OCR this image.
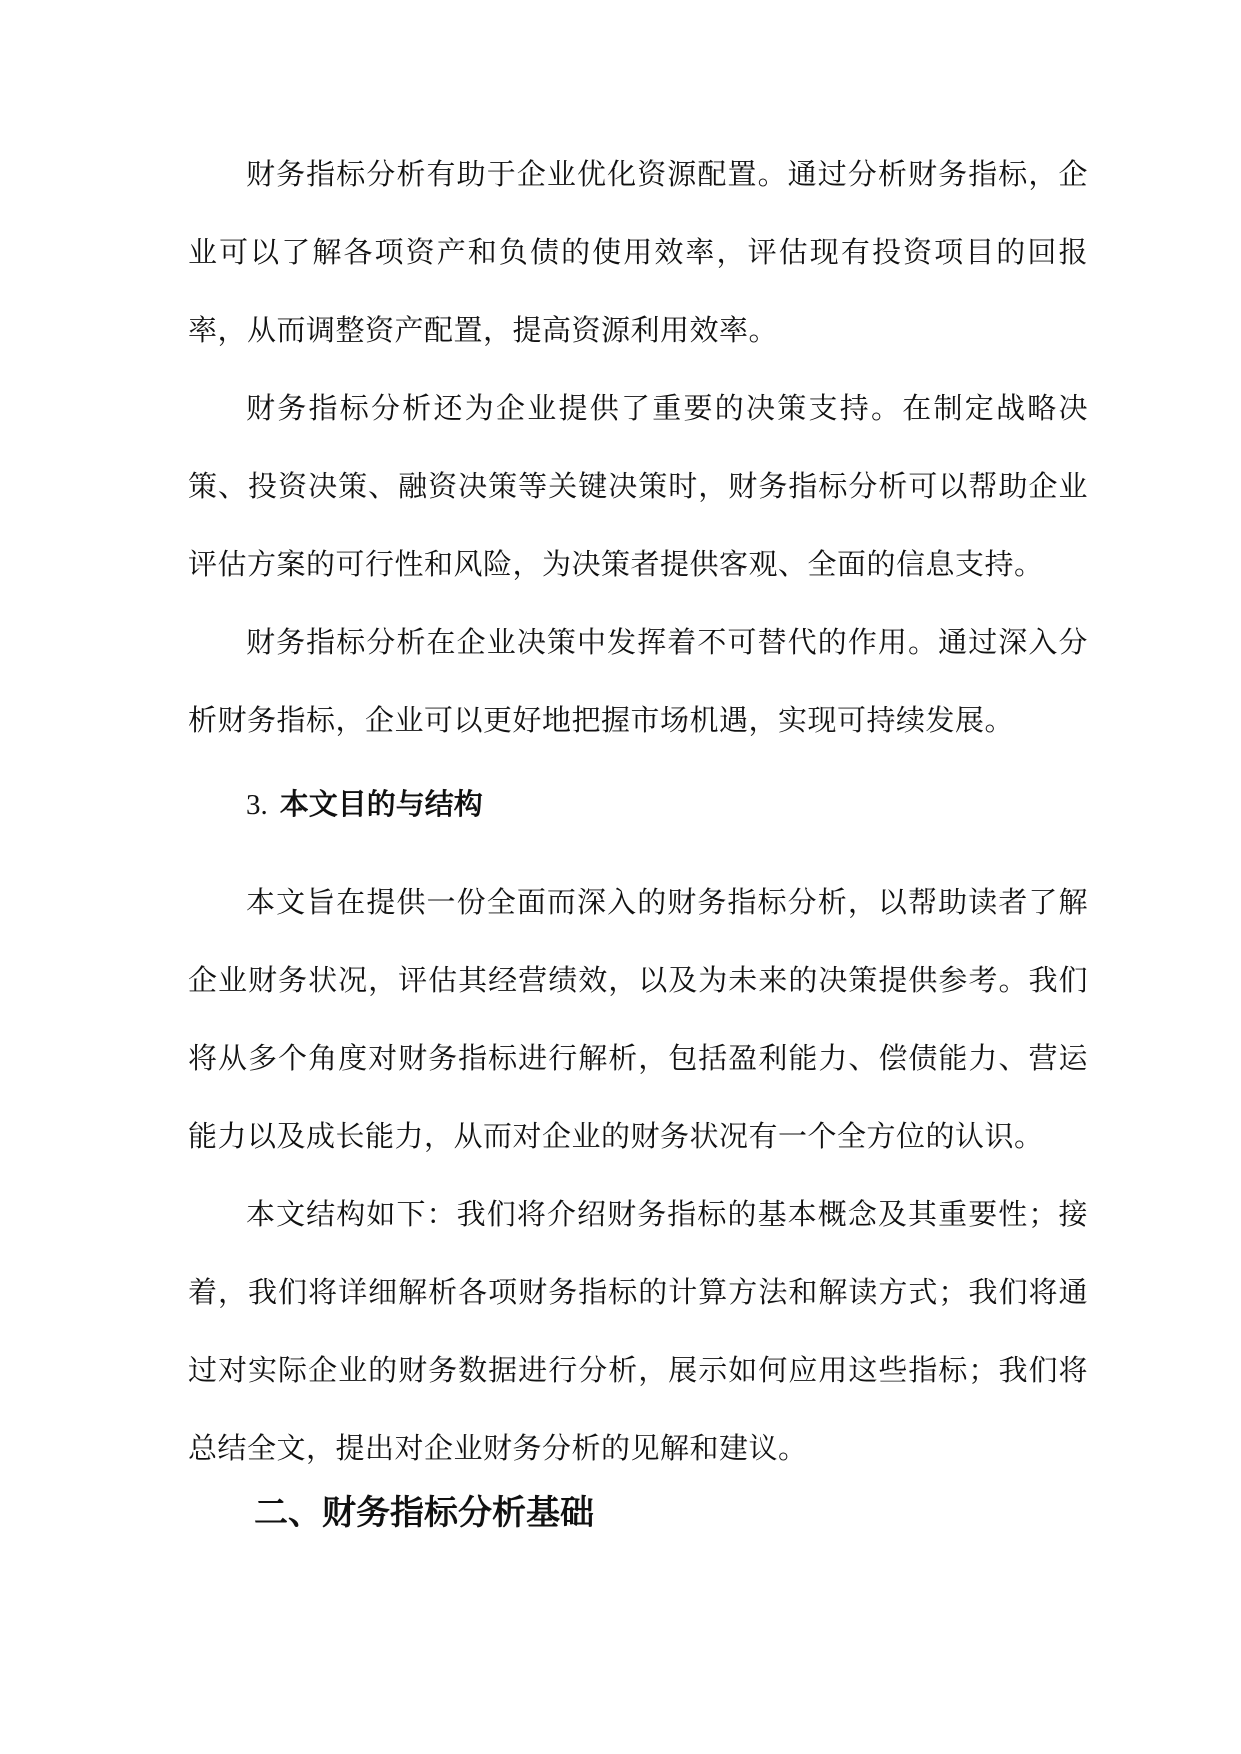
财务指标分析有助于企业优化资源配置。通过分析财务指标，企业可以了解各项资产和负债的使用效率，评估现有投资项目的回报率，从而调整资产配置，提高资源利用效率。

财务指标分析还为企业提供了重要的决策支持。在制定战略决策、投资决策、融资决策等关键决策时，财务指标分析可以帮助企业评估方案的可行性和风险，为决策者提供客观、全面的信息支持。

财务指标分析在企业决策中发挥着不可替代的作用。通过深入分析财务指标，企业可以更好地把握市场机遇，实现可持续发展。

3. 本文目的与结构

本文旨在提供一份全面而深入的财务指标分析，以帮助读者了解企业财务状况，评估其经营绩效，以及为未来的决策提供参考。我们将从多个角度对财务指标进行解析，包括盈利能力、偿债能力、营运能力以及成长能力，从而对企业的财务状况有一个全方位的认识。

本文结构如下：我们将介绍财务指标的基本概念及其重要性；接着，我们将详细解析各项财务指标的计算方法和解读方式；我们将通过对实际企业的财务数据进行分析，展示如何应用这些指标；我们将总结全文，提出对企业财务分析的见解和建议。

二、财务指标分析基础
